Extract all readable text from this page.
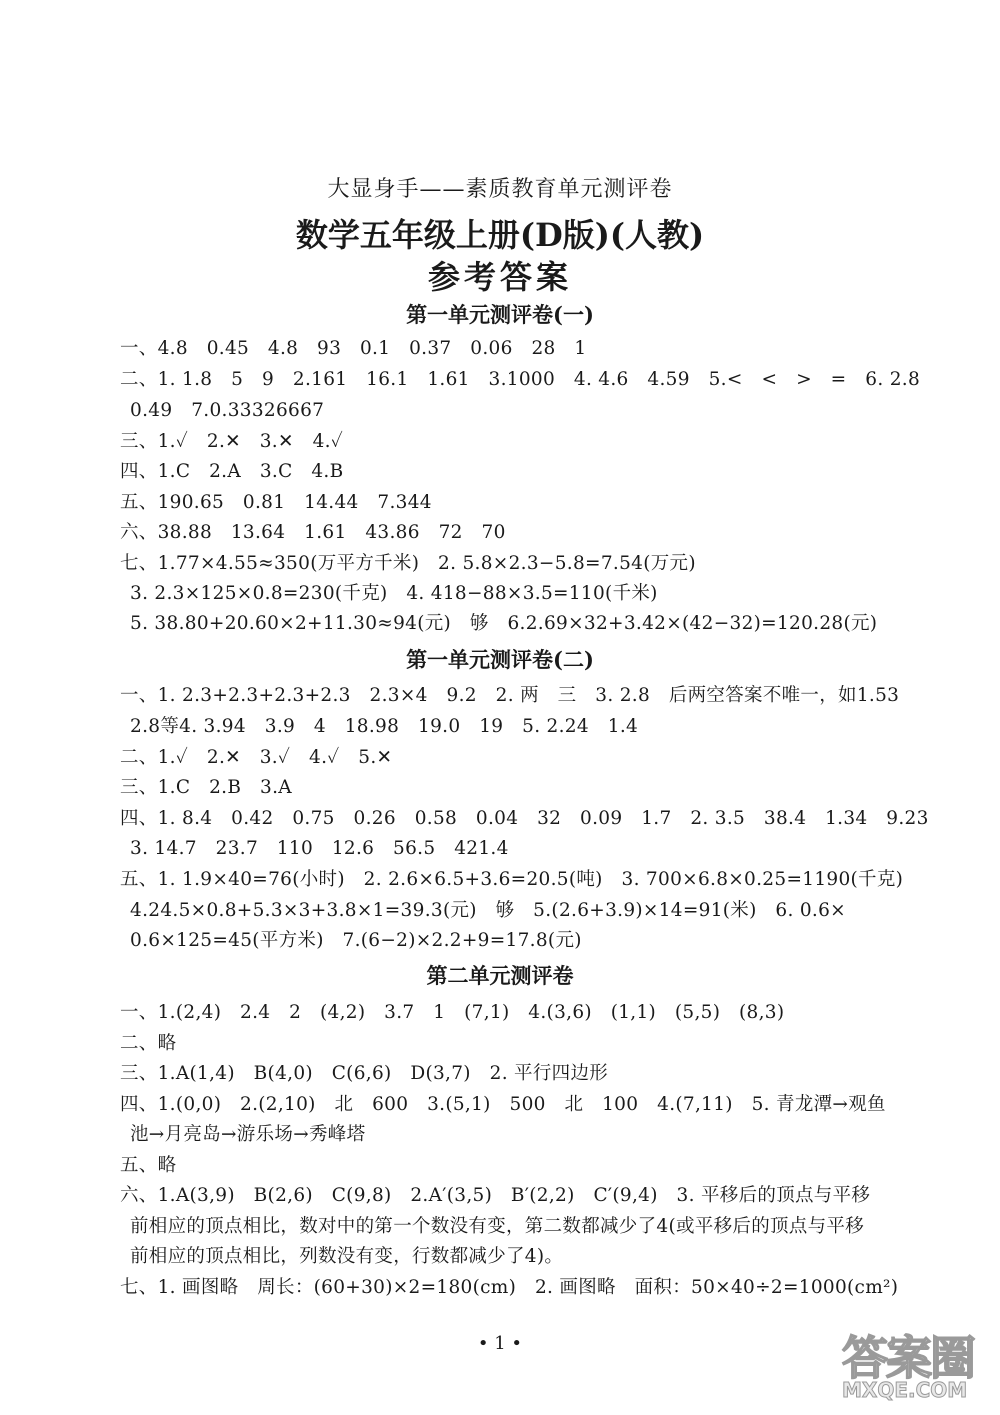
大显身手——素质教育单元测评卷
数学五年级上册(D版)(人教)
参考答案
第一单元测评卷(一)
一、4.8　0.45　4.8　93　0.1　0.37　0.06　28　1
二、1. 1.8　5　9　2.161　16.1　1.61　3.1000　4. 4.6　4.59　5.<　<　>　=　6. 2.8
0.49　7.0.33326667
三、1.✓　2.✕　3.✕　4.✓
四、1.C　2.A　3.C　4.B
五、190.65　0.81　14.44　7.344
六、38.88　13.64　1.61　43.86　72　70
七、1.77×4.55≈350(万平方千米)　2. 5.8×2.3−5.8=7.54(万元)
3. 2.3×125×0.8=230(千克)　4. 418−88×3.5=110(千米)
5. 38.80+20.60×2+11.30≈94(元)　够　6.2.69×32+3.42×(42−32)=120.28(元)
第一单元测评卷(二)
一、1. 2.3+2.3+2.3+2.3　2.3×4　9.2　2. 两　三　3. 2.8　后两空答案不唯一，如1.53
2.8等4. 3.94　3.9　4　18.98　19.0　19　5. 2.24　1.4
二、1.✓　2.✕　3.✓　4.✓　5.✕
三、1.C　2.B　3.A
四、1. 8.4　0.42　0.75　0.26　0.58　0.04　32　0.09　1.7　2. 3.5　38.4　1.34　9.23
3. 14.7　23.7　110　12.6　56.5　421.4
五、1. 1.9×40=76(小时)　2. 2.6×6.5+3.6=20.5(吨)　3. 700×6.8×0.25=1190(千克)
4.24.5×0.8+5.3×3+3.8×1=39.3(元)　够　5.(2.6+3.9)×14=91(米)　6. 0.6×
0.6×125=45(平方米)　7.(6−2)×2.2+9=17.8(元)
第二单元测评卷
一、1.(2,4)　2.4　2　(4,2)　3.7　1　(7,1)　4.(3,6)　(1,1)　(5,5)　(8,3)
二、略
三、1.A(1,4)　B(4,0)　C(6,6)　D(3,7)　2. 平行四边形
四、1.(0,0)　2.(2,10)　北　600　3.(5,1)　500　北　100　4.(7,11)　5. 青龙潭→观鱼
池→月亮岛→游乐场→秀峰塔
五、略
六、1.A(3,9)　B(2,6)　C(9,8)　2.A′(3,5)　B′(2,2)　C′(9,4)　3. 平移后的顶点与平移
前相应的顶点相比，数对中的第一个数没有变，第二数都减少了4(或平移后的顶点与平移
前相应的顶点相比，列数没有变，行数都减少了4)。
七、1. 画图略　周长：(60+30)×2=180(cm)　2. 画图略　面积：50×40÷2=1000(cm²)
• 1 •	答案圈
MXQE.COM
